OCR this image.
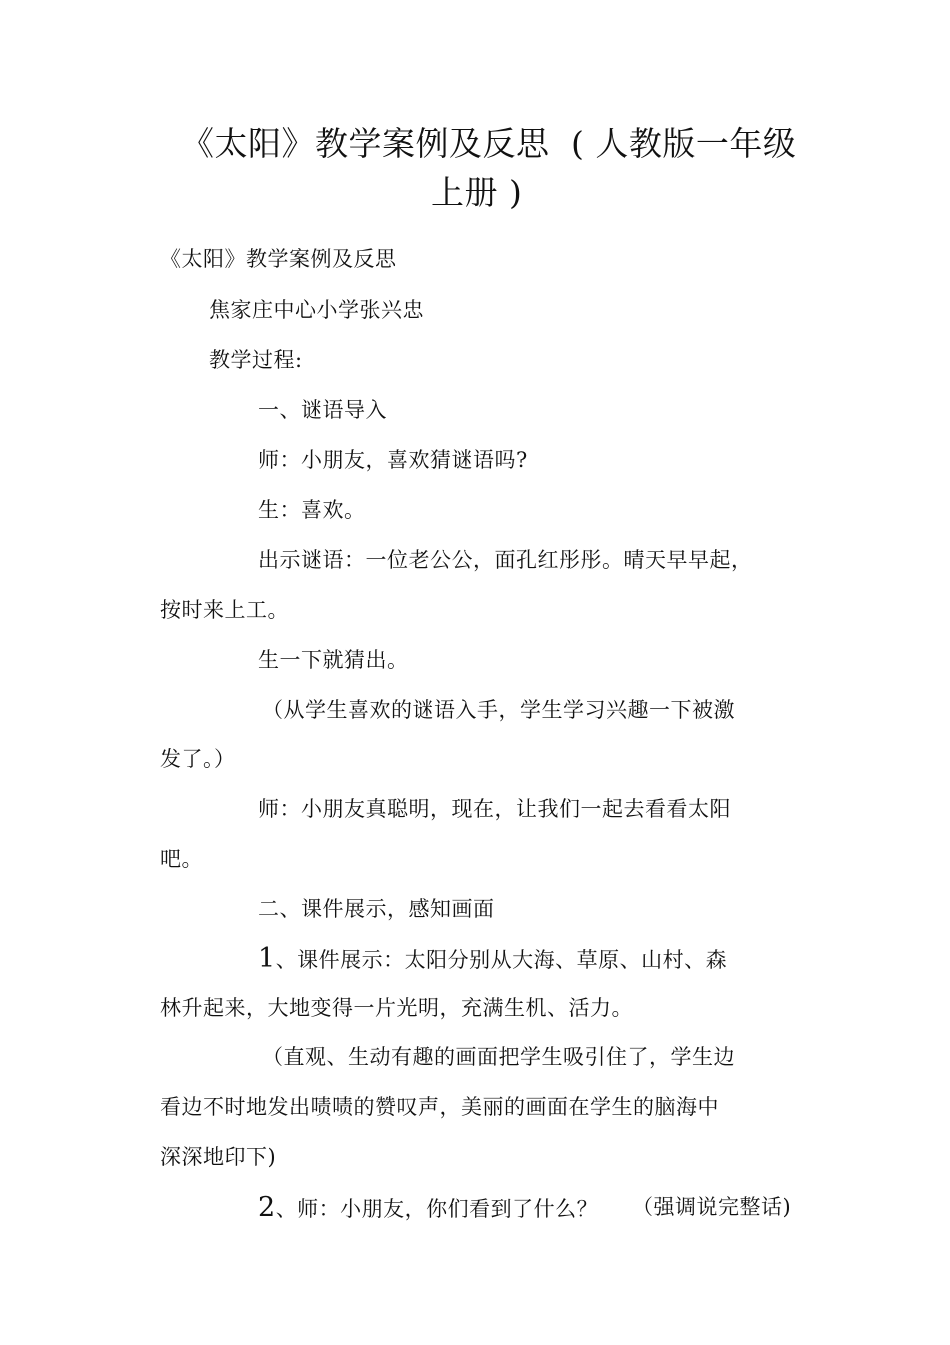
《太阳》教学案例及反思 ( 人教版一年级
上册 )
《太阳》教学案例及反思
焦家庄中心小学张兴忠
教学过程:
一、谜语导入
师：小朋友，喜欢猜谜语吗?
生：喜欢。
出示谜语：一位老公公，面孔红彤彤。晴天早早起，
按时来上工。
生一下就猜出。
（从学生喜欢的谜语入手，学生学习兴趣一下被激
发了。）
师：小朋友真聪明，现在，让我们一起去看看太阳
吧。
二、课件展示，感知画面
1、课件展示：太阳分别从大海、草原、山村、森
林升起来，大地变得一片光明，充满生机、活力。
（直观、生动有趣的画面把学生吸引住了，学生边
看边不时地发出啧啧的赞叹声，美丽的画面在学生的脑海中
深深地印下)
2、师：小朋友，你们看到了什么？ （强调说完整话)
